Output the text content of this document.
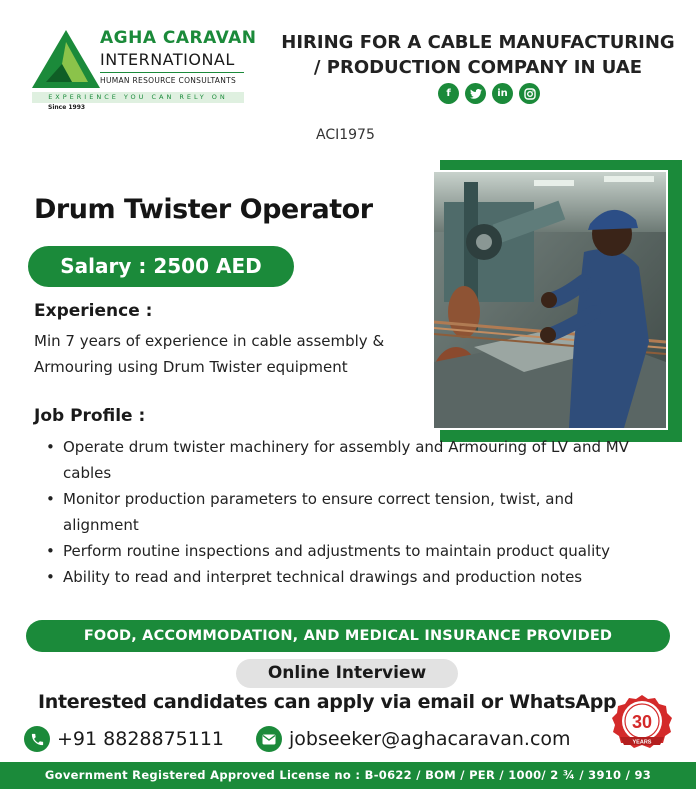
Since 1993
AGHA CARAVAN
INTERNATIONAL
HUMAN RESOURCE CONSULTANTS
EXPERIENCE YOU CAN RELY ON
HIRING FOR A CABLE MANUFACTURING
/ PRODUCTION COMPANY IN UAE
f	in
ACI1975
Drum Twister Operator
Salary : 2500 AED
Experience :
Min 7 years of experience in cable assembly & Armouring using Drum Twister equipment
Job Profile :
• Operate drum twister machinery for assembly and Armouring of LV and MV cables
• Monitor production parameters to ensure correct tension, twist, and alignment
• Perform routine inspections and adjustments to maintain product quality
• Ability to read and interpret technical drawings and production notes
FOOD, ACCOMMODATION, AND MEDICAL INSURANCE PROVIDED
Online Interview
Interested candidates can apply via email or WhatsApp
30
YEARS
+91 8828875111	jobseeker@aghacaravan.com
Government Registered Approved License no : B-0622 / BOM / PER / 1000/ 2 ¾ / 3910 / 93
